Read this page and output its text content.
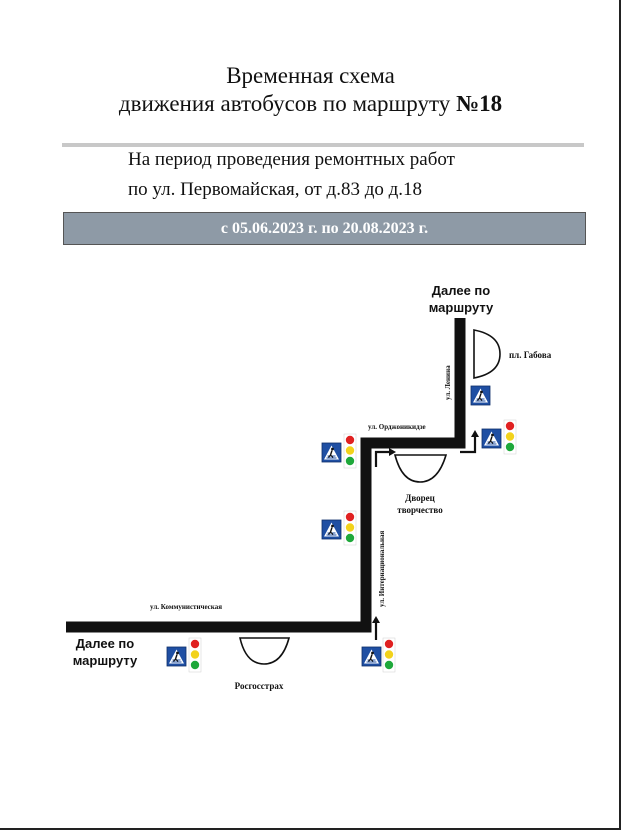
Временная схема
движения автобусов по маршруту №18
На период проведения ремонтных работ
по ул. Первомайская, от д.83 до д.18
с 05.06.2023 г. по 20.08.2023 г.
Далее по
маршруту
Далее по
маршруту
ул. Ленина
ул. Интернациональная
ул. Орджоникидзе
ул. Коммунистическая
пл. Габова
Дворец
творчество
Росгосстрах
